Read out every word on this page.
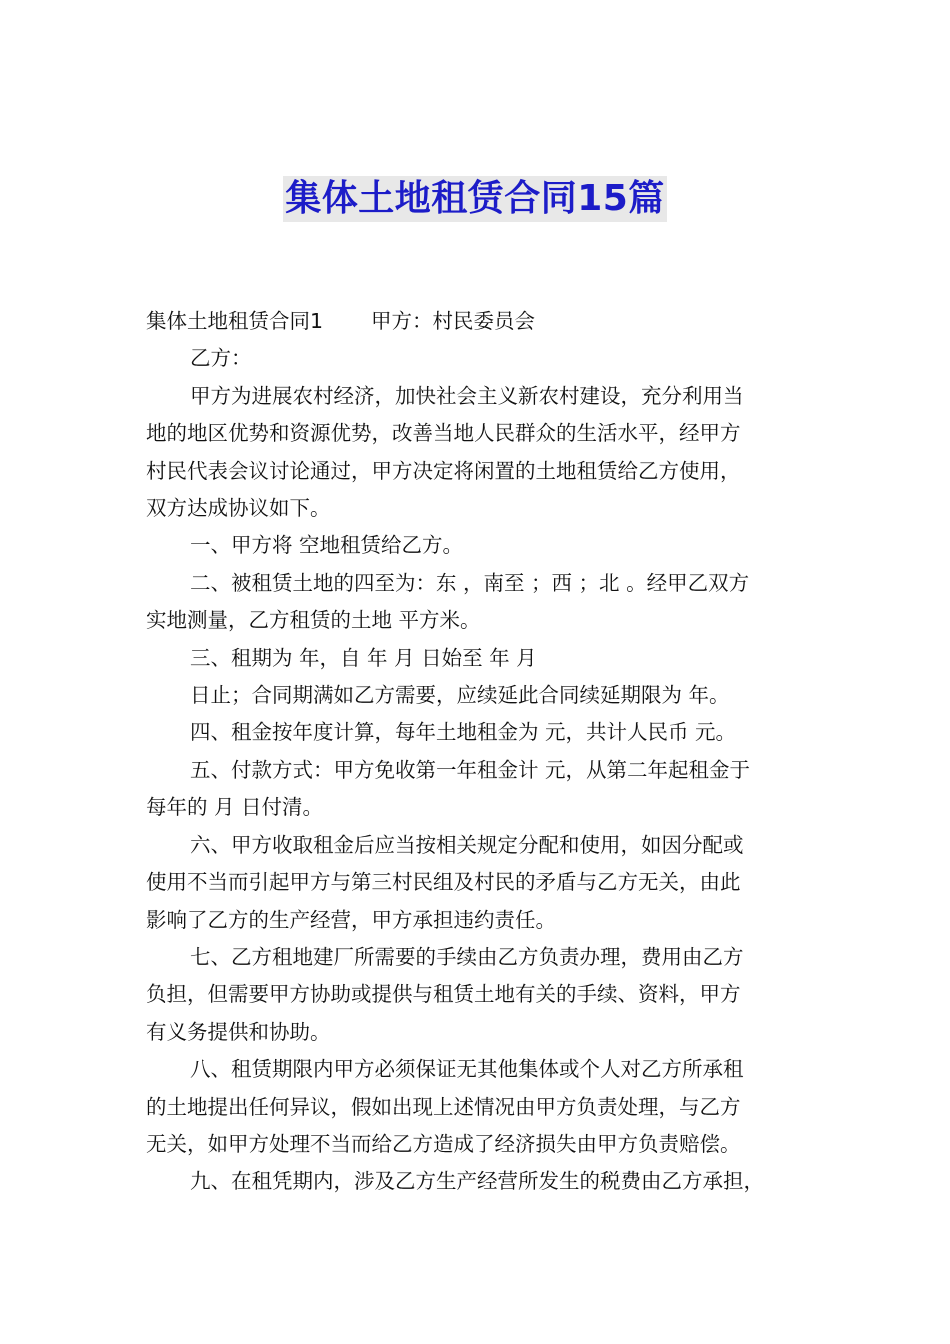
集体土地租赁合同15篇

集体土地租赁合同1 甲方：村民委员会

乙方：

甲方为进展农村经济，加快社会主义新农村建设，充分利用当

地的地区优势和资源优势，改善当地人民群众的生活水平，经甲方

村民代表会议讨论通过，甲方决定将闲置的土地租赁给乙方使用，

双方达成协议如下。

一、甲方将 空地租赁给乙方。

二、被租赁土地的四至为：东 ，南至 ；西 ；北 。经甲乙双方

实地测量，乙方租赁的土地 平方米。

三、租期为 年，自 年 月 日始至 年 月

日止；合同期满如乙方需要，应续延此合同续延期限为 年。

四、租金按年度计算，每年土地租金为 元，共计人民币 元。

五、付款方式：甲方免收第一年租金计 元，从第二年起租金于

每年的 月 日付清。

六、甲方收取租金后应当按相关规定分配和使用，如因分配或

使用不当而引起甲方与第三村民组及村民的矛盾与乙方无关，由此

影响了乙方的生产经营，甲方承担违约责任。

七、乙方租地建厂所需要的手续由乙方负责办理，费用由乙方

负担，但需要甲方协助或提供与租赁土地有关的手续、资料，甲方

有义务提供和协助。

八、租赁期限内甲方必须保证无其他集体或个人对乙方所承租

的土地提出任何异议，假如出现上述情况由甲方负责处理，与乙方

无关，如甲方处理不当而给乙方造成了经济损失由甲方负责赔偿。

九、在租凭期内，涉及乙方生产经营所发生的税费由乙方承担，
